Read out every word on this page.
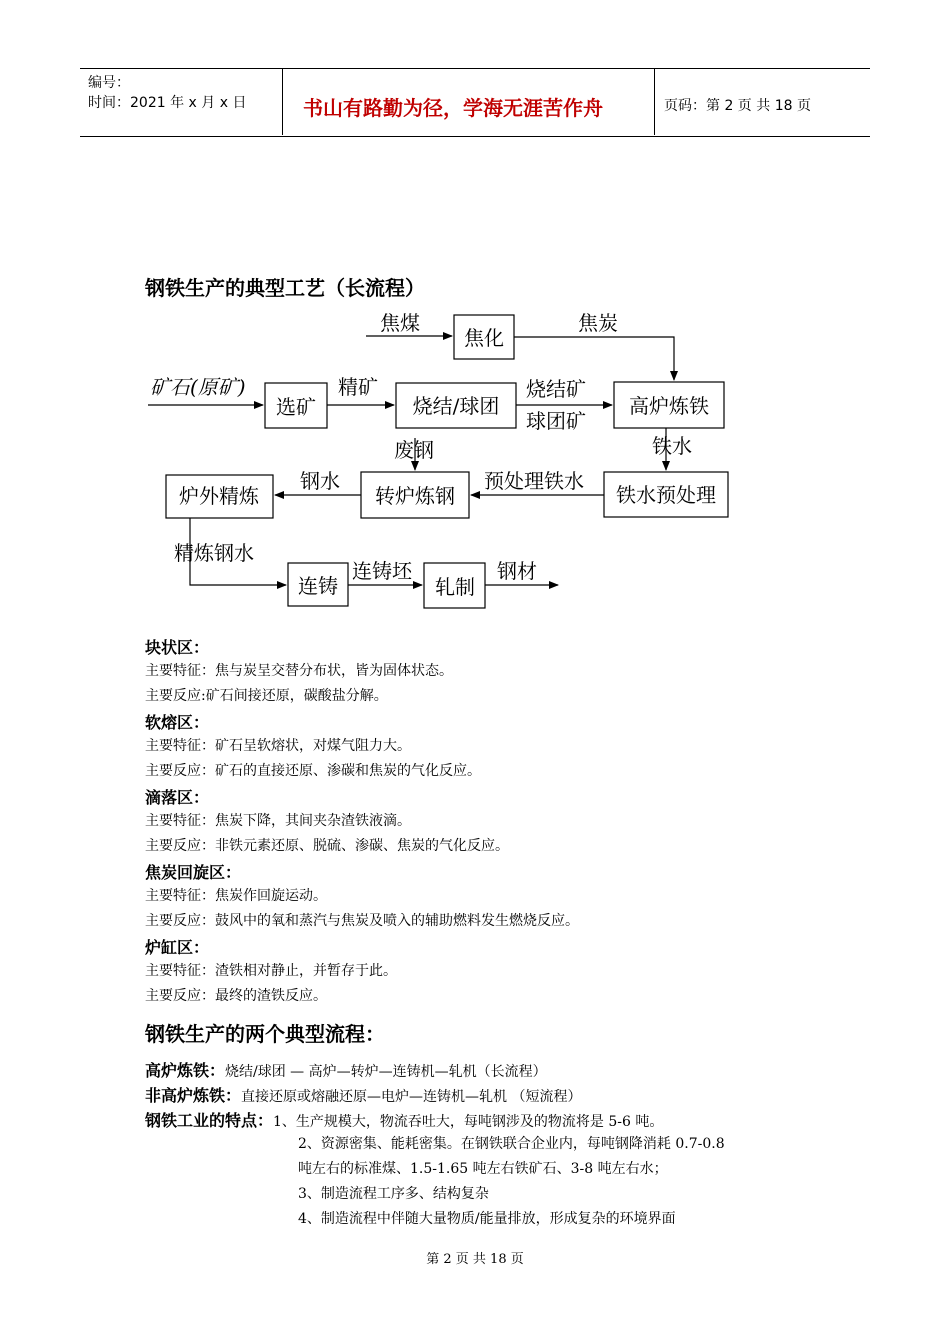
编号：
时间：2021 年 x 月 x 日	书山有路勤为径，学海无涯苦作舟	页码：第 2 页 共 18 页
钢铁生产的典型工艺（长流程）
焦化
选矿	烧结/球团	高炉炼铁
铁水预处理
转炉炼钢
炉外精炼
连铸	轧制
焦煤	焦炭
矿石(原矿)	精矿	烧结矿
球团矿
铁水
废钢
预处理铁水
钢水
精炼钢水
连铸坯	钢材
块状区：
主要特征：焦与炭呈交替分布状，皆为固体状态。
主要反应:矿石间接还原，碳酸盐分解。
软熔区：
主要特征：矿石呈软熔状，对煤气阻力大。
主要反应：矿石的直接还原、渗碳和焦炭的气化反应。
滴落区：
主要特征：焦炭下降，其间夹杂渣铁液滴。
主要反应：非铁元素还原、脱硫、渗碳、焦炭的气化反应。
焦炭回旋区：
主要特征：焦炭作回旋运动。
主要反应：鼓风中的氧和蒸汽与焦炭及喷入的辅助燃料发生燃烧反应。
炉缸区：
主要特征：渣铁相对静止，并暂存于此。
主要反应：最终的渣铁反应。
钢铁生产的两个典型流程：
高炉炼铁：烧结/球团 — 高炉—转炉—连铸机—轧机（长流程）
非高炉炼铁：直接还原或熔融还原—电炉—连铸机—轧机 （短流程）
钢铁工业的特点：1、生产规模大，物流吞吐大，每吨钢涉及的物流将是 5-6 吨。
2、资源密集、能耗密集。在钢铁联合企业内，每吨钢降消耗 0.7-0.8
吨左右的标准煤、1.5-1.65 吨左右铁矿石、3-8 吨左右水；
3、制造流程工序多、结构复杂
4、制造流程中伴随大量物质/能量排放，形成复杂的环境界面
第 2 页 共 18 页
